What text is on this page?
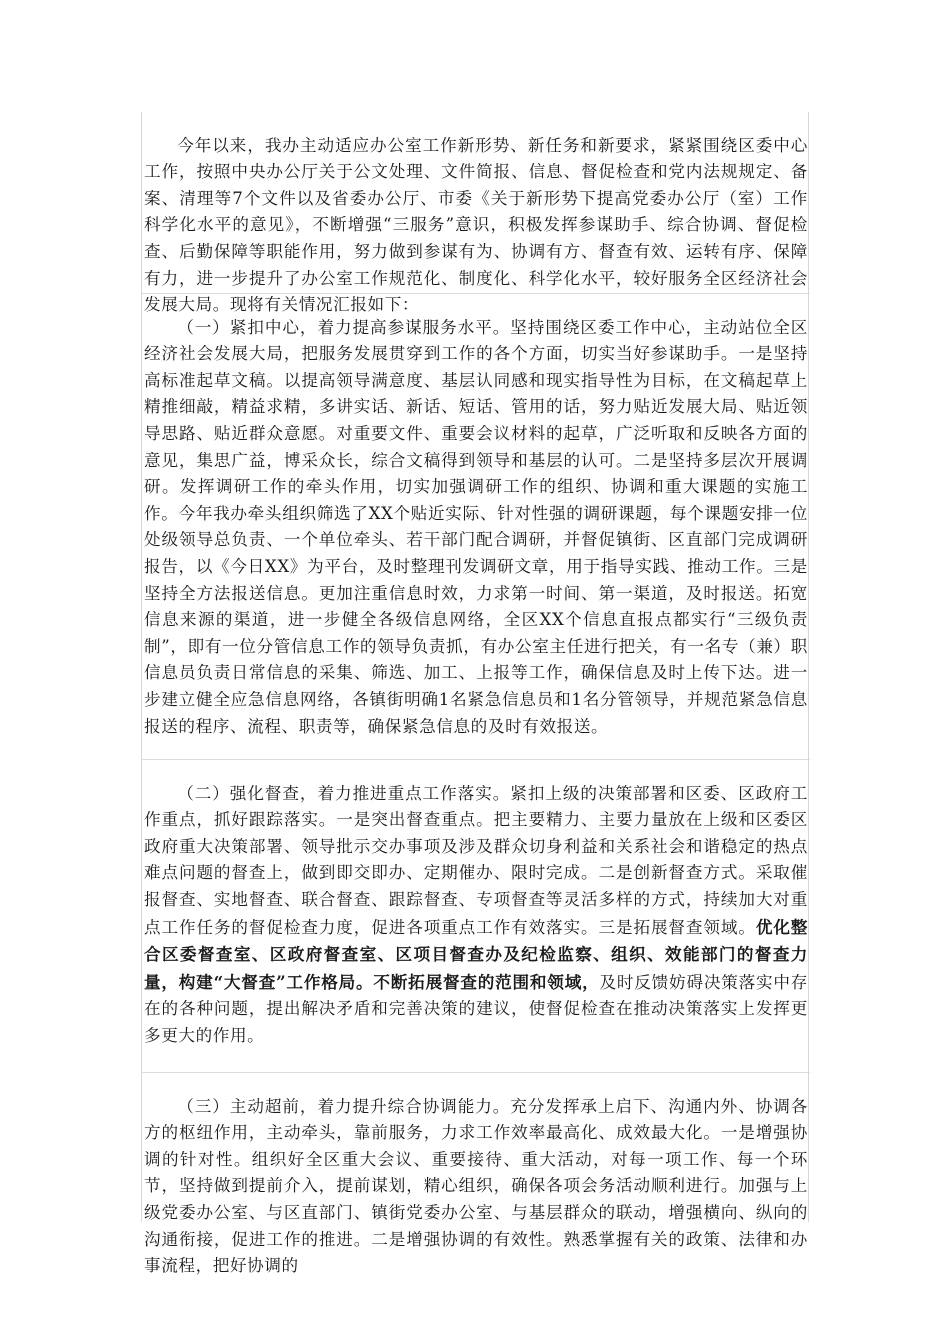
今年以来，我办主动适应办公室工作新形势、新任务和新要求，紧紧围绕区委中心工作，按照中央办公厅关于公文处理、文件简报、信息、督促检查和党内法规规定、备案、清理等7个文件以及省委办公厅、市委《关于新形势下提高党委办公厅（室）工作科学化水平的意见》，不断增强“三服务”意识，积极发挥参谋助手、综合协调、督促检查、后勤保障等职能作用，努力做到参谋有为、协调有方、督查有效、运转有序、保障有力，进一步提升了办公室工作规范化、制度化、科学化水平，较好服务全区经济社会发展大局。现将有关情况汇报如下：

（一）紧扣中心，着力提高参谋服务水平。坚持围绕区委工作中心，主动站位全区经济社会发展大局，把服务发展贯穿到工作的各个方面，切实当好参谋助手。一是坚持高标准起草文稿。以提高领导满意度、基层认同感和现实指导性为目标，在文稿起草上精推细敲，精益求精，多讲实话、新话、短话、管用的话，努力贴近发展大局、贴近领导思路、贴近群众意愿。对重要文件、重要会议材料的起草，广泛听取和反映各方面的意见，集思广益，博采众长，综合文稿得到领导和基层的认可。二是坚持多层次开展调研。发挥调研工作的牵头作用，切实加强调研工作的组织、协调和重大课题的实施工作。今年我办牵头组织筛选了XX个贴近实际、针对性强的调研课题，每个课题安排一位处级领导总负责、一个单位牵头、若干部门配合调研，并督促镇街、区直部门完成调研报告，以《今日XX》为平台，及时整理刊发调研文章，用于指导实践、推动工作。三是坚持全方法报送信息。更加注重信息时效，力求第一时间、第一渠道，及时报送。拓宽信息来源的渠道，进一步健全各级信息网络，全区XX个信息直报点都实行“三级负责制”，即有一位分管信息工作的领导负责抓，有办公室主任进行把关，有一名专（兼）职信息员负责日常信息的采集、筛选、加工、上报等工作，确保信息及时上传下达。进一步建立健全应急信息网络，各镇街明确1名紧急信息员和1名分管领导，并规范紧急信息报送的程序、流程、职责等，确保紧急信息的及时有效报送。

（二）强化督查，着力推进重点工作落实。紧扣上级的决策部署和区委、区政府工作重点，抓好跟踪落实。一是突出督查重点。把主要精力、主要力量放在上级和区委区政府重大决策部署、领导批示交办事项及涉及群众切身利益和关系社会和谐稳定的热点难点问题的督查上，做到即交即办、定期催办、限时完成。二是创新督查方式。采取催报督查、实地督查、联合督查、跟踪督查、专项督查等灵活多样的方式，持续加大对重点工作任务的督促检查力度，促进各项重点工作有效落实。三是拓展督查领域。优化整合区委督查室、区政府督查室、区项目督查办及纪检监察、组织、效能部门的督查力量，构建“大督查”工作格局。不断拓展督查的范围和领域，及时反馈妨碍决策落实中存在的各种问题，提出解决矛盾和完善决策的建议，使督促检查在推动决策落实上发挥更多更大的作用。

（三）主动超前，着力提升综合协调能力。充分发挥承上启下、沟通内外、协调各方的枢纽作用，主动牵头，靠前服务，力求工作效率最高化、成效最大化。一是增强协调的针对性。组织好全区重大会议、重要接待、重大活动，对每一项工作、每一个环节，坚持做到提前介入，提前谋划，精心组织，确保各项会务活动顺利进行。加强与上级党委办公室、与区直部门、镇街党委办公室、与基层群众的联动，增强横向、纵向的沟通衔接，促进工作的推进。二是增强协调的有效性。熟悉掌握有关的政策、法律和办事流程，把好协调的
